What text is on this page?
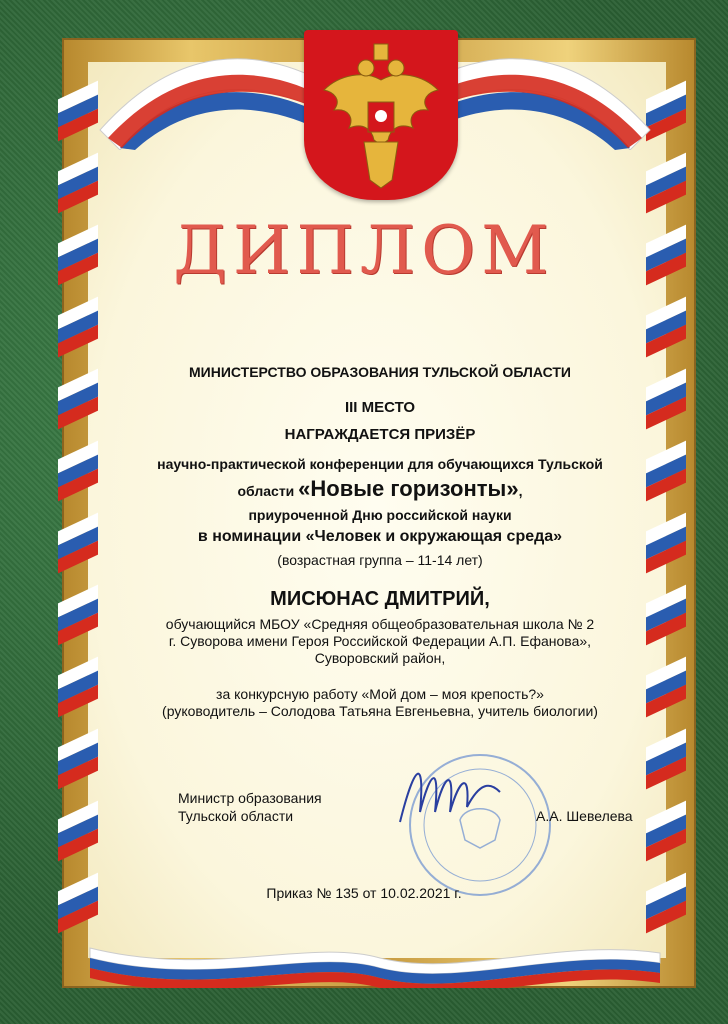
ДИПЛОМ
МИНИСТЕРСТВО ОБРАЗОВАНИЯ ТУЛЬСКОЙ ОБЛАСТИ
III МЕСТО
НАГРАЖДАЕТСЯ ПРИЗЁР
научно-практической конференции для обучающихся Тульской
области «Новые горизонты»,
приуроченной Дню российской науки
в номинации «Человек и окружающая среда»
(возрастная группа – 11-14 лет)
МИСЮНАС ДМИТРИЙ,
обучающийся МБОУ «Средняя общеобразовательная школа № 2
г. Суворова имени Героя Российской Федерации А.П. Ефанова»,
Суворовский район,
за конкурсную работу «Мой дом – моя крепость?»
(руководитель – Солодова Татьяна Евгеньевна, учитель биологии)
Министр образования
Тульской области	А.А. Шевелева
Приказ № 135 от 10.02.2021 г.
